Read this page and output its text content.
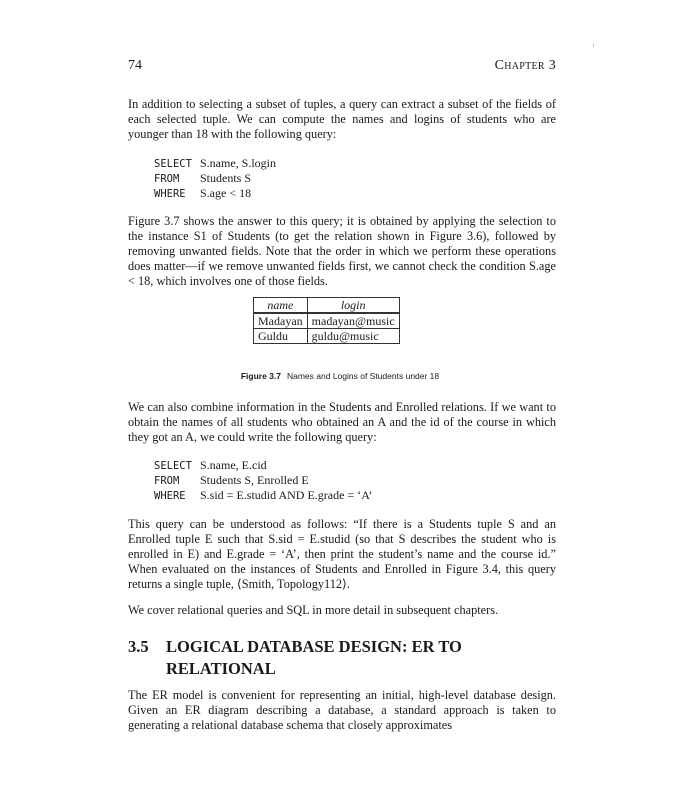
74	Chapter 3

In addition to selecting a subset of tuples, a query can extract a subset of the fields of each selected tuple. We can compute the names and logins of students who are younger than 18 with the following query:

SELECT S.name, S.login
FROM Students S
WHERE S.age < 18

Figure 3.7 shows the answer to this query; it is obtained by applying the selection to the instance S1 of Students (to get the relation shown in Figure 3.6), followed by removing unwanted fields. Note that the order in which we perform these operations does matter—if we remove unwanted fields first, we cannot check the condition S.age < 18, which involves one of those fields.

name	login
Madayan	madayan@music
Guldu	guldu@music
Figure 3.7 Names and Logins of Students under 18

We can also combine information in the Students and Enrolled relations. If we want to obtain the names of all students who obtained an A and the id of the course in which they got an A, we could write the following query:

SELECT S.name, E.cid
FROM Students S, Enrolled E
WHERE S.sid = E.studid AND E.grade = ‘A’

This query can be understood as follows: “If there is a Students tuple S and an Enrolled tuple E such that S.sid = E.studid (so that S describes the student who is enrolled in E) and E.grade = ‘A’, then print the student’s name and the course id.” When evaluated on the instances of Students and Enrolled in Figure 3.4, this query returns a single tuple, ⟨Smith, Topology112⟩.

We cover relational queries and SQL in more detail in subsequent chapters.

3.5 LOGICAL DATABASE DESIGN: ER TO
RELATIONAL

The ER model is convenient for representing an initial, high-level database design. Given an ER diagram describing a database, a standard approach is taken to generating a relational database schema that closely approximates
